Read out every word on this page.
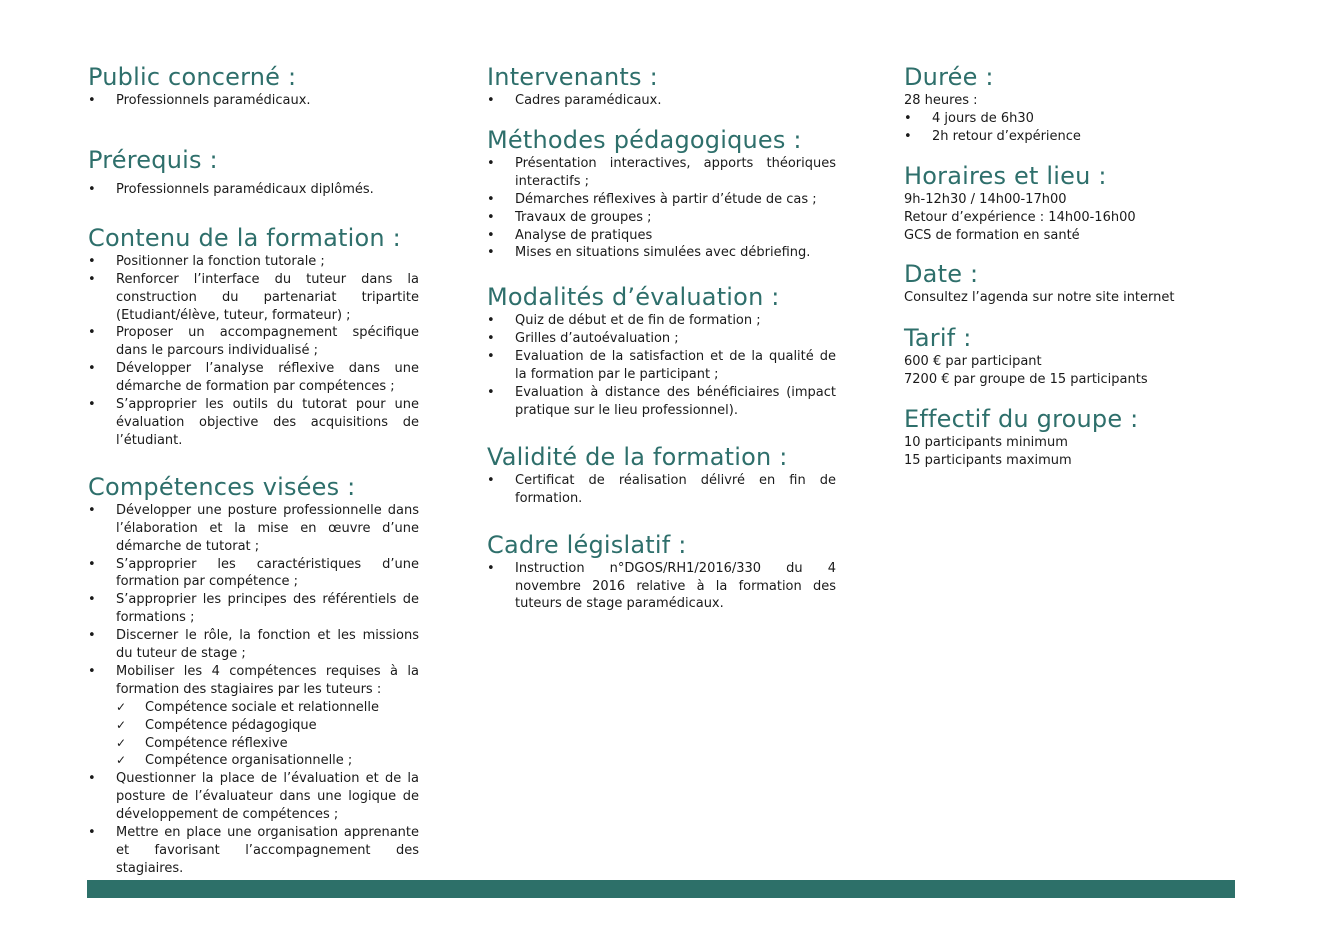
Public concerné :
• Professionnels paramédicaux.
Prérequis :
• Professionnels paramédicaux diplômés.
Contenu de la formation :
• Positionner la fonction tutorale ;
• Renforcer l’interface du tuteur dans la construction du partenariat tripartite (Etudiant/élève, tuteur, formateur) ;
• Proposer un accompagnement spécifique dans le parcours individualisé ;
• Développer l’analyse réflexive dans une démarche de formation par compétences ;
• S’approprier les outils du tutorat pour une évaluation objective des acquisitions de l’étudiant.
Compétences visées :
• Développer une posture professionnelle dans l’élaboration et la mise en œuvre d’une démarche de tutorat ;
• S’approprier les caractéristiques d’une formation par compétence ;
• S’approprier les principes des référentiels de formations ;
• Discerner le rôle, la fonction et les missions du tuteur de stage ;
• Mobiliser les 4 compétences requises à la formation des stagiaires par les tuteurs :
✓ Compétence sociale et relationnelle
✓ Compétence pédagogique
✓ Compétence réflexive
✓ Compétence organisationnelle ;
• Questionner la place de l’évaluation et de la posture de l’évaluateur dans une logique de développement de compétences ;
• Mettre en place une organisation apprenante et favorisant l’accompagnement des stagiaires.
Intervenants :
• Cadres paramédicaux.
Méthodes pédagogiques :
• Présentation interactives, apports théoriques interactifs ;
• Démarches réflexives à partir d’étude de cas ;
• Travaux de groupes ;
• Analyse de pratiques
• Mises en situations simulées avec débriefing.
Modalités d’évaluation :
• Quiz de début et de fin de formation ;
• Grilles d’autoévaluation ;
• Evaluation de la satisfaction et de la qualité de la formation par le participant ;
• Evaluation à distance des bénéficiaires (impact pratique sur le lieu professionnel).
Validité de la formation :
• Certificat de réalisation délivré en fin de formation.
Cadre législatif :
• Instruction n°DGOS/RH1/2016/330 du 4 novembre 2016 relative à la formation des tuteurs de stage paramédicaux.
Durée :
28 heures :
• 4 jours de 6h30
• 2h retour d’expérience
Horaires et lieu :
9h-12h30 / 14h00-17h00
Retour d’expérience : 14h00-16h00
GCS de formation en santé
Date :
Consultez l’agenda sur notre site internet
Tarif :
600 € par participant
7200 € par groupe de 15 participants
Effectif du groupe :
10 participants minimum
15 participants maximum
